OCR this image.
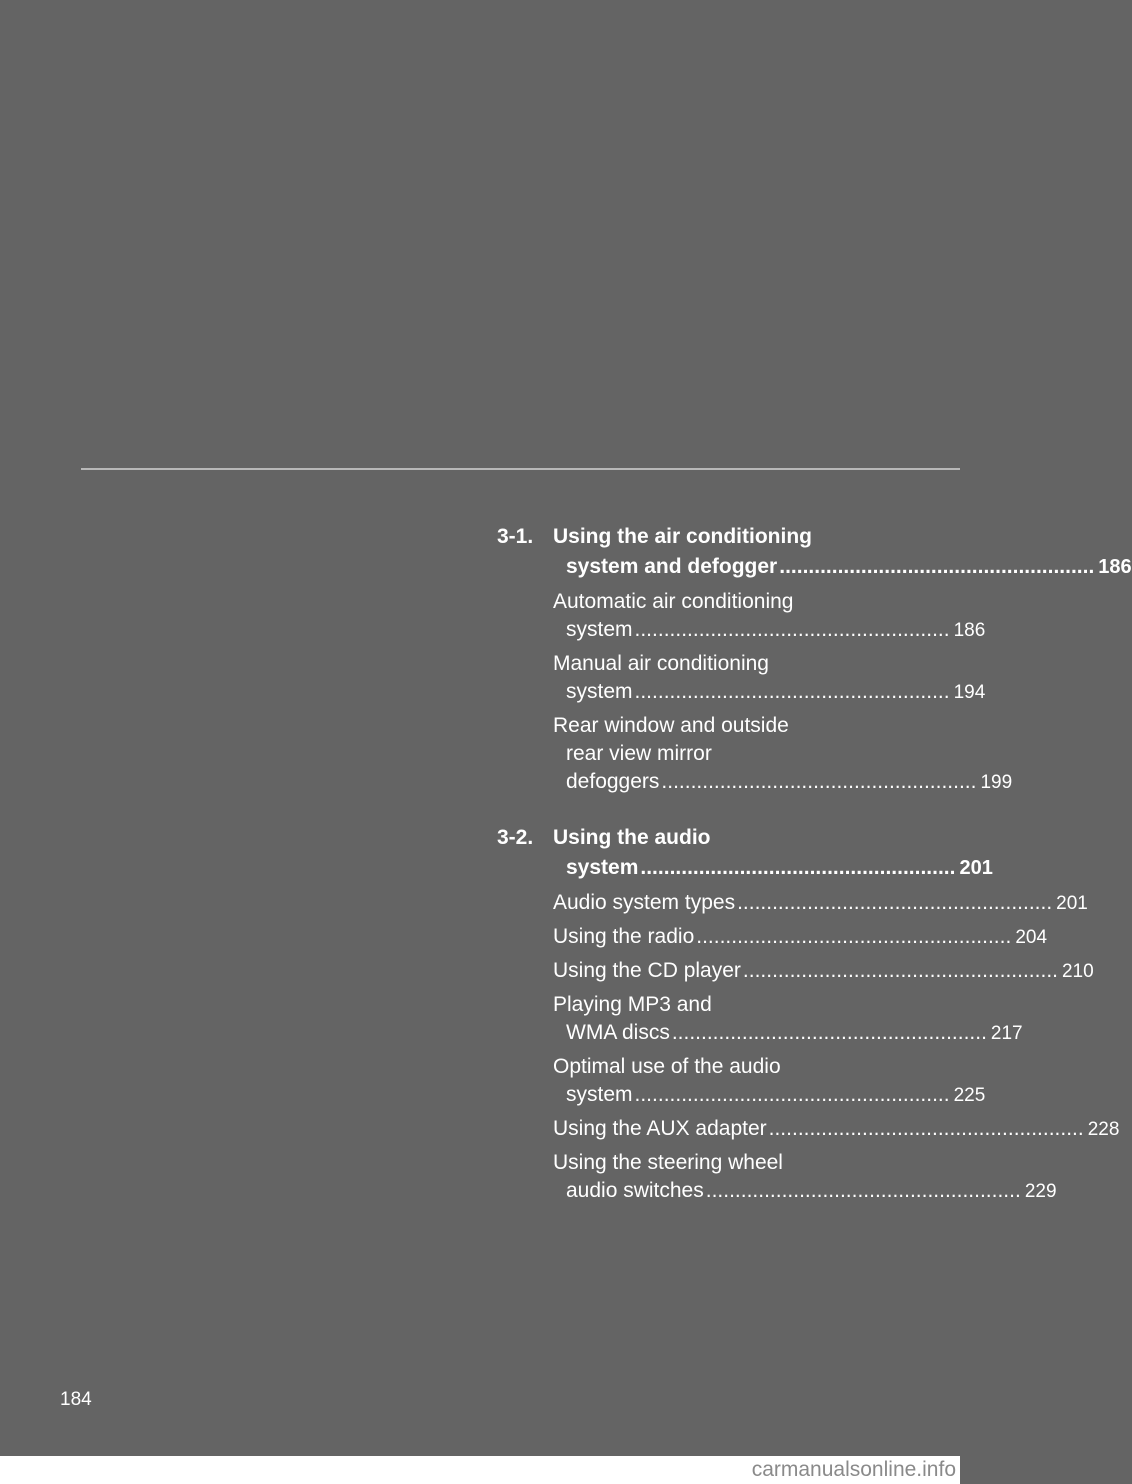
3-1. Using the air conditioning
system and defogger ...................................................... 186
Automatic air conditioning
system ...................................................... 186
Manual air conditioning
system ...................................................... 194
Rear window and outside
rear view mirror
defoggers ...................................................... 199
3-2. Using the audio
system ...................................................... 201
Audio system types ...................................................... 201
Using the radio ...................................................... 204
Using the CD player ...................................................... 210
Playing MP3 and
WMA discs ...................................................... 217
Optimal use of the audio
system ...................................................... 225
Using the AUX adapter ...................................................... 228
Using the steering wheel
audio switches ...................................................... 229
184
carmanualsonline.info
